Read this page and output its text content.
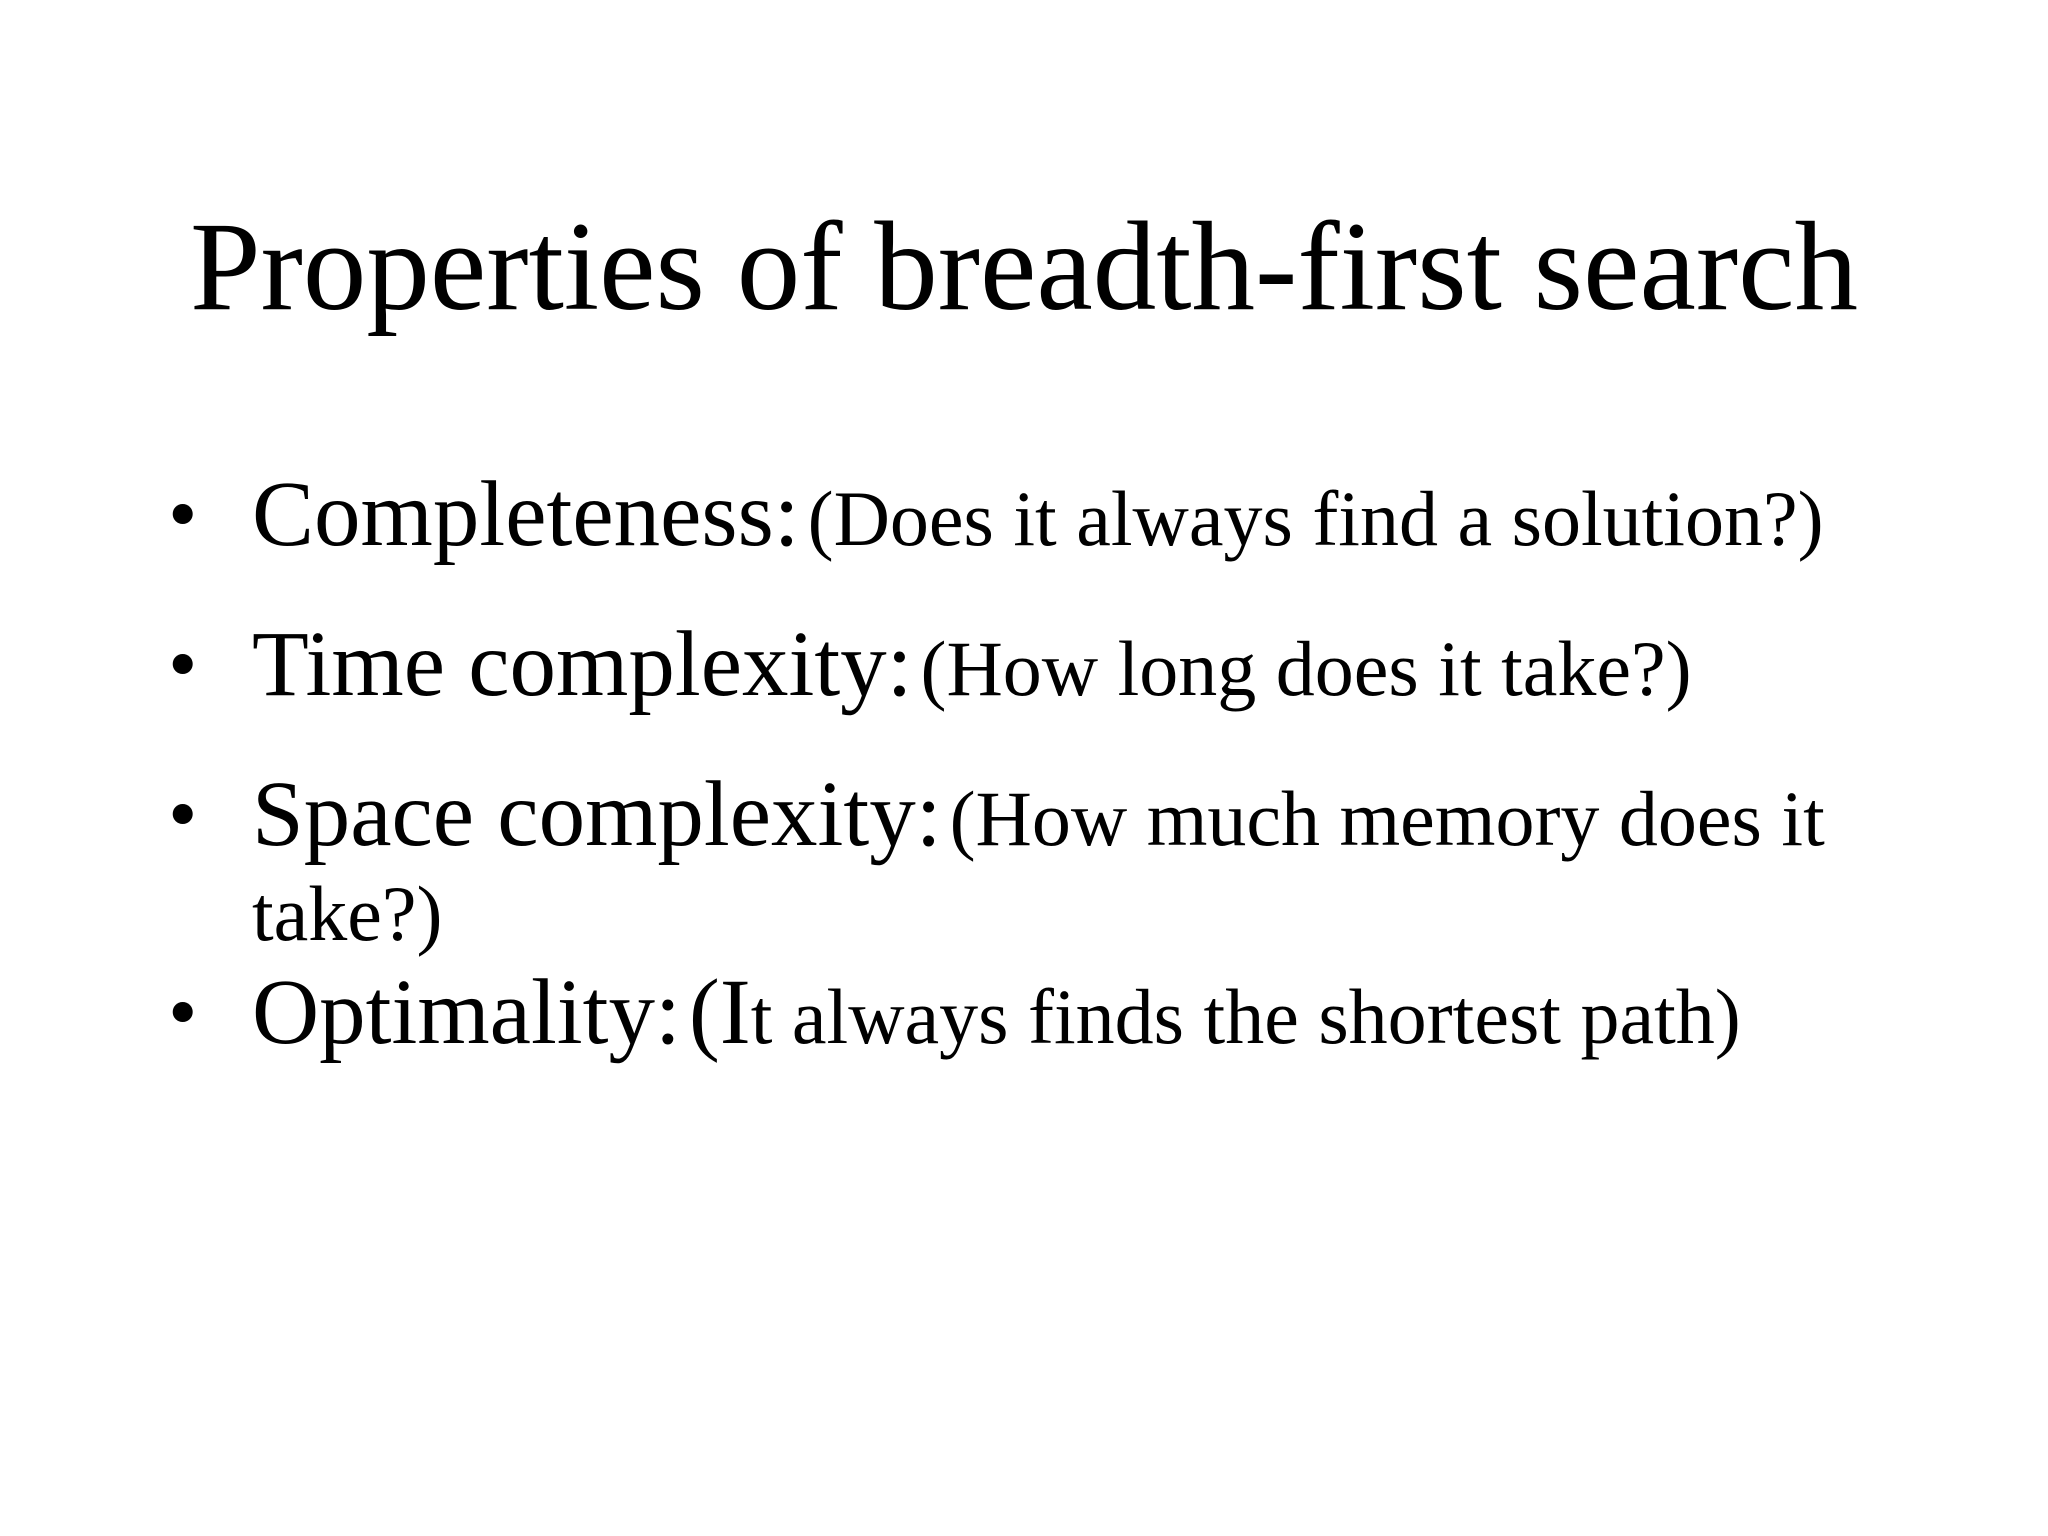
Properties of breadth-first search
• Completeness: (Does it always find a solution?)
• Time complexity: (How long does it take?)
• Space complexity: (How much memory does it
take?)
• Optimality:  (It always finds the shortest path)
